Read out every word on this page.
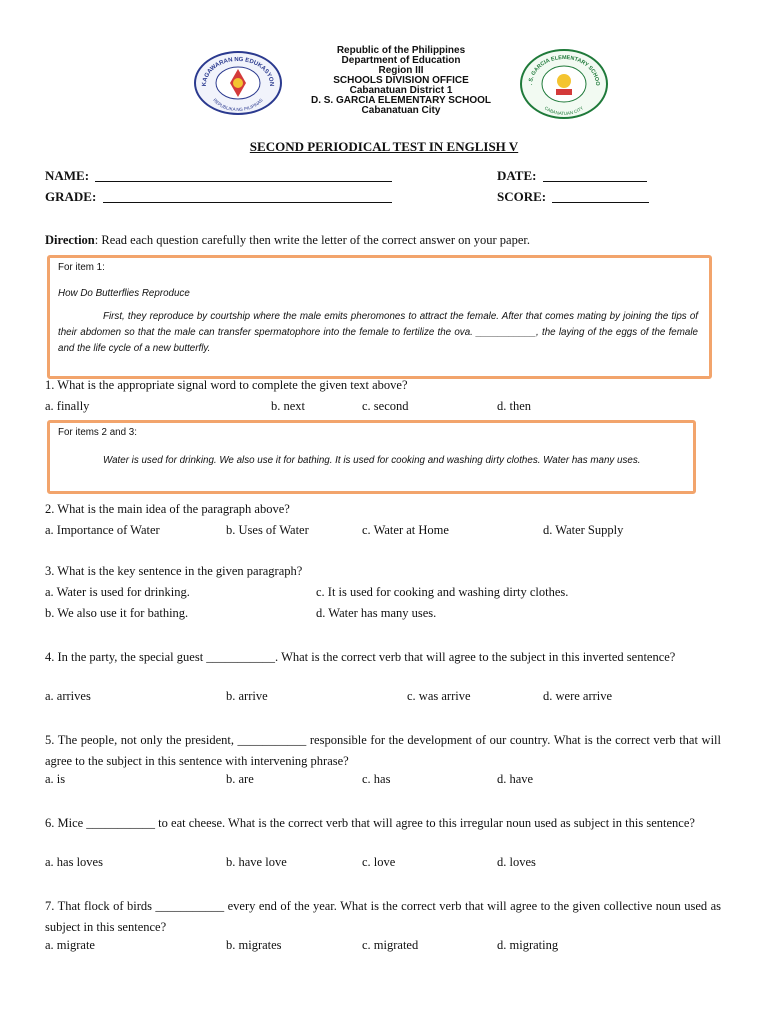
KAGAWARAN NG EDUKASYON
REPUBLIKA NG PILIPINAS
Republic of the Philippines
Department of Education
Region III
SCHOOLS DIVISION OFFICE
Cabanatuan District 1
D. S. GARCIA ELEMENTARY SCHOOL
Cabanatuan City
. S. GARCIA ELEMENTARY SCHOO
CABANATUAN CITY
SECOND PERIODICAL TEST IN ENGLISH V
NAME:	DATE:
GRADE:	SCORE:
Direction: Read each question carefully then write the letter of the correct answer on your paper.
For item 1:
How Do Butterflies Reproduce
First, they reproduce by courtship where the male emits pheromones to attract the female. After that comes mating by joining the tips of their abdomen so that the male can transfer spermatophore into the female to fertilize the ova. ___________, the laying of the eggs of the female and the life cycle of a new butterfly.
1. What is the appropriate signal word to complete the given text above?
a. finally	b. next	c. second	d. then
For items 2 and 3:
Water is used for drinking. We also use it for bathing. It is used for cooking and washing dirty clothes. Water has many uses.
2. What is the main idea of the paragraph above?
a. Importance of Water	b. Uses of Water	c. Water at Home	d. Water Supply
3. What is the key sentence in the given paragraph?
a. Water is used for drinking.	c. It is used for cooking and washing dirty clothes.
b. We also use it for bathing.	d. Water has many uses.
4. In the party, the special guest ___________. What is the correct verb that will agree to the subject in this inverted sentence?
a. arrives	b. arrive	c. was arrive	d. were arrive
5. The people, not only the president, ___________ responsible for the development of our country. What is the correct verb that will agree to the subject in this sentence with intervening phrase?
a. is	b. are	c. has	d. have
6. Mice ___________ to eat cheese. What is the correct verb that will agree to this irregular noun used as subject in this sentence?
a. has loves	b. have love	c. love	d. loves
7. That flock of birds ___________ every end of the year. What is the correct verb that will agree to the given collective noun used as subject in this sentence?
a. migrate	b. migrates	c. migrated	d. migrating
